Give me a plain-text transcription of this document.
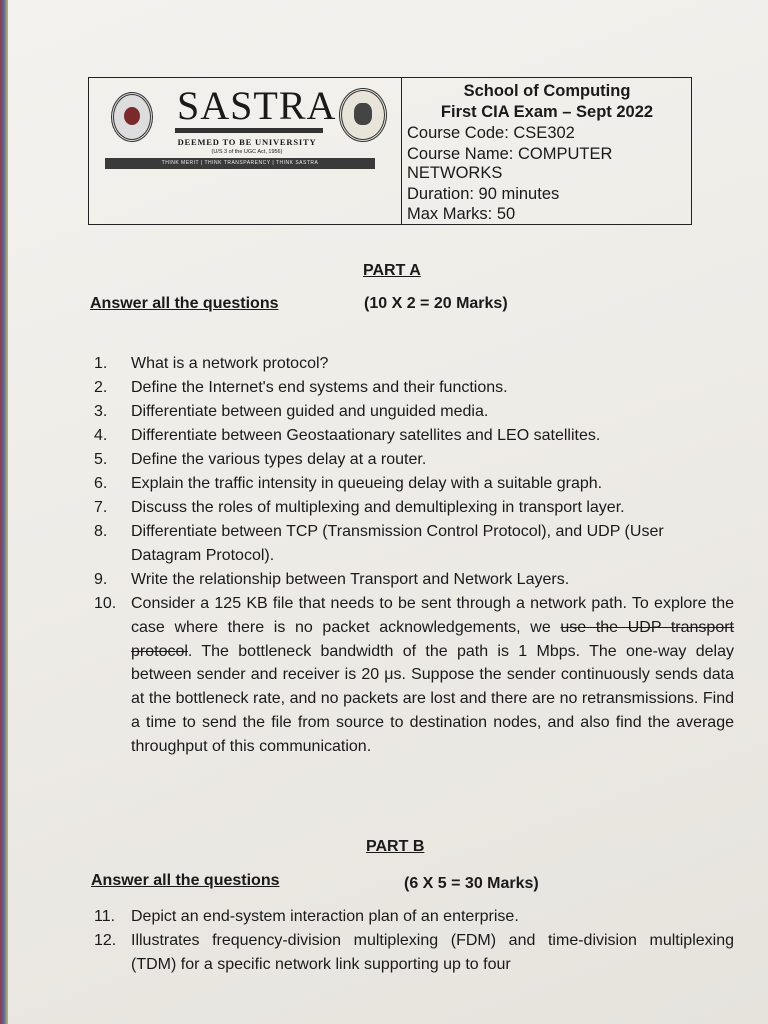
SASTRA
DEEMED TO BE UNIVERSITY
(U/S 3 of the UGC Act, 1956)
THINK MERIT | THINK TRANSPARENCY | THINK SASTRA
School of Computing
First CIA Exam – Sept 2022
Course Code: CSE302
Course Name: COMPUTER
NETWORKS
Duration: 90 minutes
Max Marks: 50
PART A
Answer all the questions	(10 X 2 = 20 Marks)
1.	What is a network protocol?
2.	Define the Internet's end systems and their functions.
3.	Differentiate between guided and unguided media.
4.	Differentiate between Geostaationary satellites and LEO satellites.
5.	Define the various types delay at a router.
6.	Explain the traffic intensity in queueing delay with a suitable graph.
7.	Discuss the roles of multiplexing and demultiplexing in transport layer.
8.	Differentiate between TCP (Transmission Control Protocol), and UDP (User Datagram Protocol).
9.	Write the relationship between Transport and Network Layers.
10. Consider a 125 KB file that needs to be sent through a network path. To explore the case where there is no packet acknowledgements, we use the UDP transport protocol. The bottleneck bandwidth of the path is 1 Mbps. The one-way delay between sender and receiver is 20 μs. Suppose the sender continuously sends data at the bottleneck rate, and no packets are lost and there are no retransmissions. Find a time to send the file from source to destination nodes, and also find the average throughput of this communication.
PART B
Answer all the questions	(6 X 5 = 30 Marks)
11. Depict an end-system interaction plan of an enterprise.
12. Illustrates frequency-division multiplexing (FDM) and time-division multiplexing (TDM) for a specific network link supporting up to four
